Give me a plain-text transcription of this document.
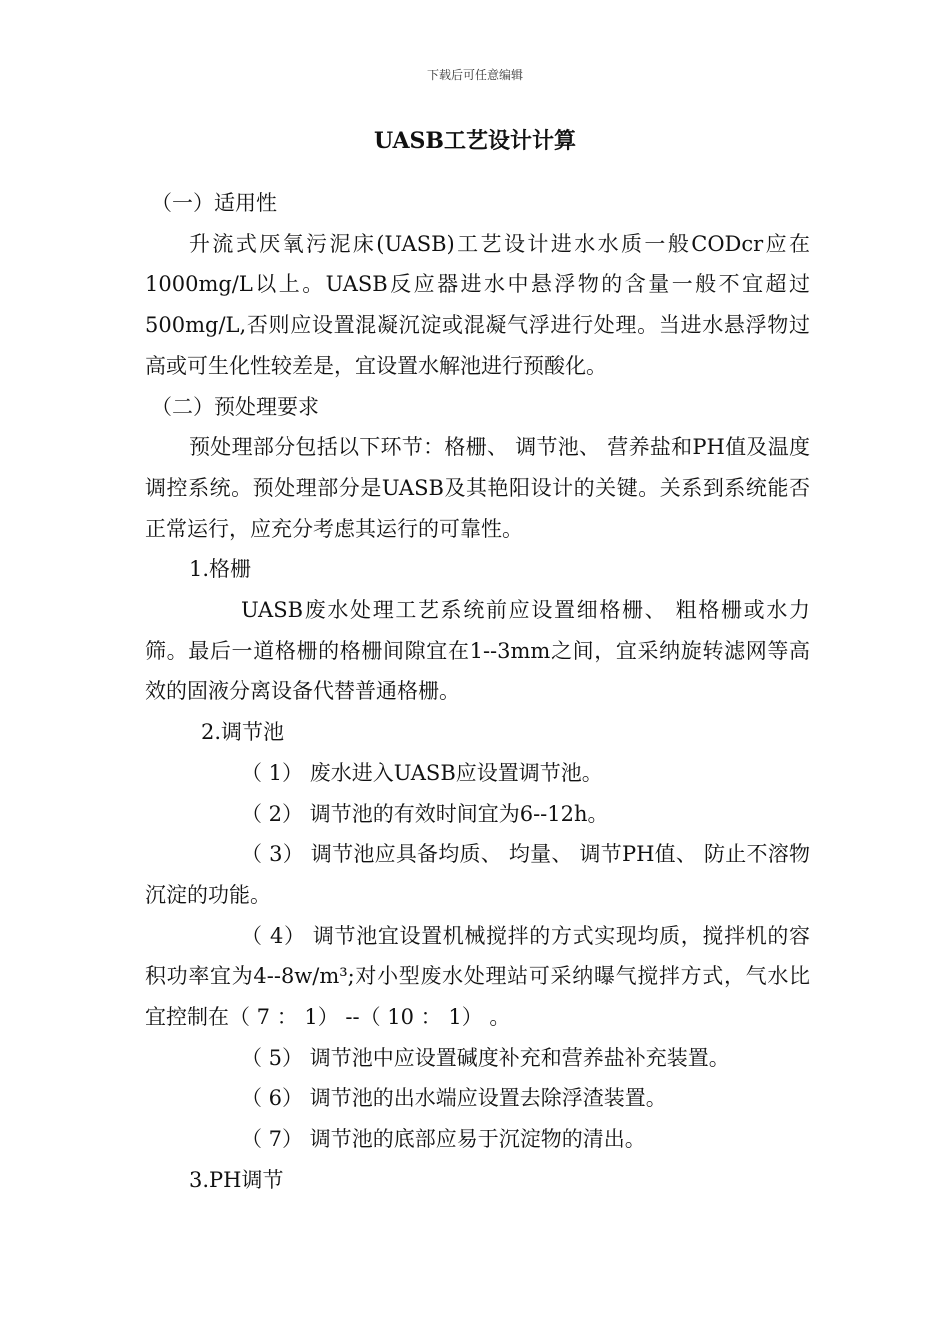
下载后可任意编辑
UASB工艺设计计算

（一）适用性

升流式厌氧污泥床(UASB)工艺设计进水水质一般CODcr应在1000mg/L以上。UASB反应器进水中悬浮物的含量一般不宜超过500mg/L,否则应设置混凝沉淀或混凝气浮进行处理。当进水悬浮物过高或可生化性较差是，宜设置水解池进行预酸化。

（二）预处理要求

预处理部分包括以下环节：格栅、 调节池、 营养盐和PH值及温度调控系统。预处理部分是UASB及其艳阳设计的关键。关系到系统能否正常运行，应充分考虑其运行的可靠性。

1.格栅

UASB废水处理工艺系统前应设置细格栅、 粗格栅或水力筛。最后一道格栅的格栅间隙宜在1--3mm之间，宜采纳旋转滤网等高效的固液分离设备代替普通格栅。

2.调节池

（ 1） 废水进入UASB应设置调节池。

（ 2） 调节池的有效时间宜为6--12h。

（ 3） 调节池应具备均质、 均量、 调节PH值、 防止不溶物沉淀的功能。

（ 4） 调节池宜设置机械搅拌的方式实现均质，搅拌机的容积功率宜为4--8w/m³;对小型废水处理站可采纳曝气搅拌方式，气水比宜控制在（ 7 ： 1） --（ 10 ： 1） 。

（ 5） 调节池中应设置碱度补充和营养盐补充装置。

（ 6） 调节池的出水端应设置去除浮渣装置。

（ 7） 调节池的底部应易于沉淀物的清出。

3.PH调节
